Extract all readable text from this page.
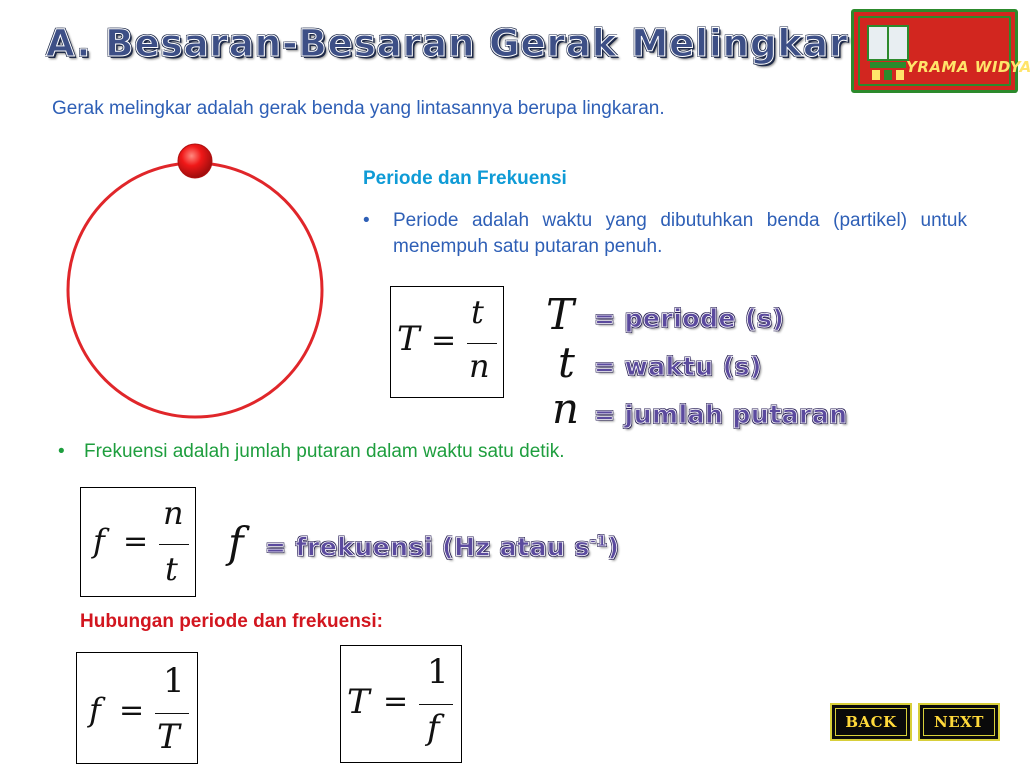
A. Besaran-Besaran Gerak Melingkar
YRAMA WIDYA
Gerak melingkar adalah gerak benda yang lintasannya berupa lingkaran.
Periode dan Frekuensi
• Periode adalah waktu yang dibutuhkan benda (partikel) untuk menempuh satu putaran penuh.
T =
t
n
T = periode (s)
t = waktu (s)
n = jumlah putaran
• Frekuensi adalah jumlah putaran dalam waktu satu detik.
f =
n
t
f = frekuensi (Hz atau $s^{-1}$)
Hubungan periode dan frekuensi:
f =
1
T
T =
1
f	BACK NEXT
